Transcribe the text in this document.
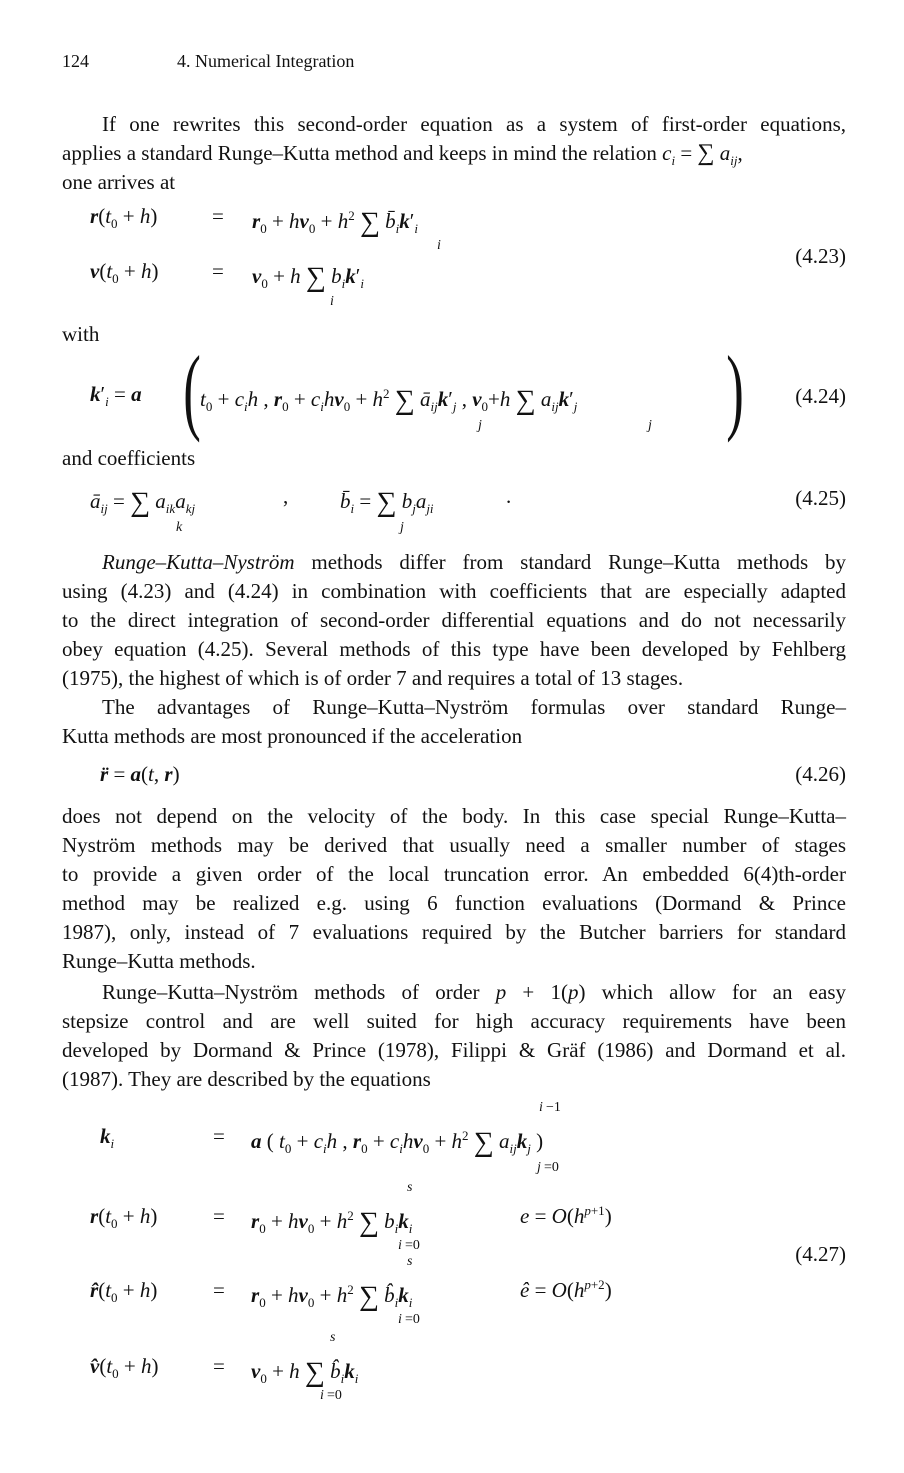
124	4. Numerical Integration
If one rewrites this second-order equation as a system of first-order equations,
applies a standard Runge–Kutta method and keeps in mind the relation $c_i$ = ∑ $a_{ij}$,
one arrives at
$r(t_0 + h)$	= $r_0 + hv_0 + h^2$ ∑ $b̄_ik'_i$
i
$v(t_0 + h)$	= $v_0 + h$ ∑ $b_ik'_i$
i
(4.23)
with
$k'_i = a$ ( $t_0 + c_ih$ , $r_0 + c_ihv_0 + h^2$ ∑ $ā_{ij}k'_j$ , $v_0+h$ ∑ $a_{ij}k'_j$
j	j ) (4.24)
and coefficients
$ā_{ij}$ = ∑ $a_{ik}a_{kj}$
k
, $b̄_i$ = ∑ $b_ja_{ji}$
j
.	(4.25)
Runge–Kutta–Nyström methods differ from standard Runge–Kutta methods by
using (4.23) and (4.24) in combination with coefficients that are especially adapted
to the direct integration of second-order differential equations and do not necessarily
obey equation (4.25). Several methods of this type have been developed by Fehlberg
(1975), the highest of which is of order 7 and requires a total of 13 stages.
The advantages of Runge–Kutta–Nyström formulas over standard Runge–
Kutta methods are most pronounced if the acceleration
r̈ = a(t, r)	(4.26)
does not depend on the velocity of the body. In this case special Runge–Kutta–
Nyström methods may be derived that usually need a smaller number of stages
to provide a given order of the local truncation error. An embedded 6(4)th-order
method may be realized e.g. using 6 function evaluations (Dormand & Prince
1987), only, instead of 7 evaluations required by the Butcher barriers for standard
Runge–Kutta methods.
Runge–Kutta–Nyström methods of order p + 1(p) which allow for an easy
stepsize control and are well suited for high accuracy requirements have been
developed by Dormand & Prince (1978), Filippi & Gräf (1986) and Dormand et al.
(1987). They are described by the equations
i −1
$k_i$	= a ( $t_0 + c_ih$ , $r_0 + c_ihv_0 + h^2$ ∑ $a_{ij}k_j$ )
j =0
s
$r(t_0 + h)$	= $r_0 + hv_0 + h^2$ ∑ $b_ik_i$
$e = O(h^{p+1})$
i =0
s
$r̂(t_0 + h)$	= $r_0 + hv_0 + h^2$ ∑ $b̂_ik_i$
ê = $O(h^{p+2})$
i =0
s
$v̂(t_0 + h)$	= $v_0 + h$ ∑ $b̂_ik_i$
i =0
(4.27)
